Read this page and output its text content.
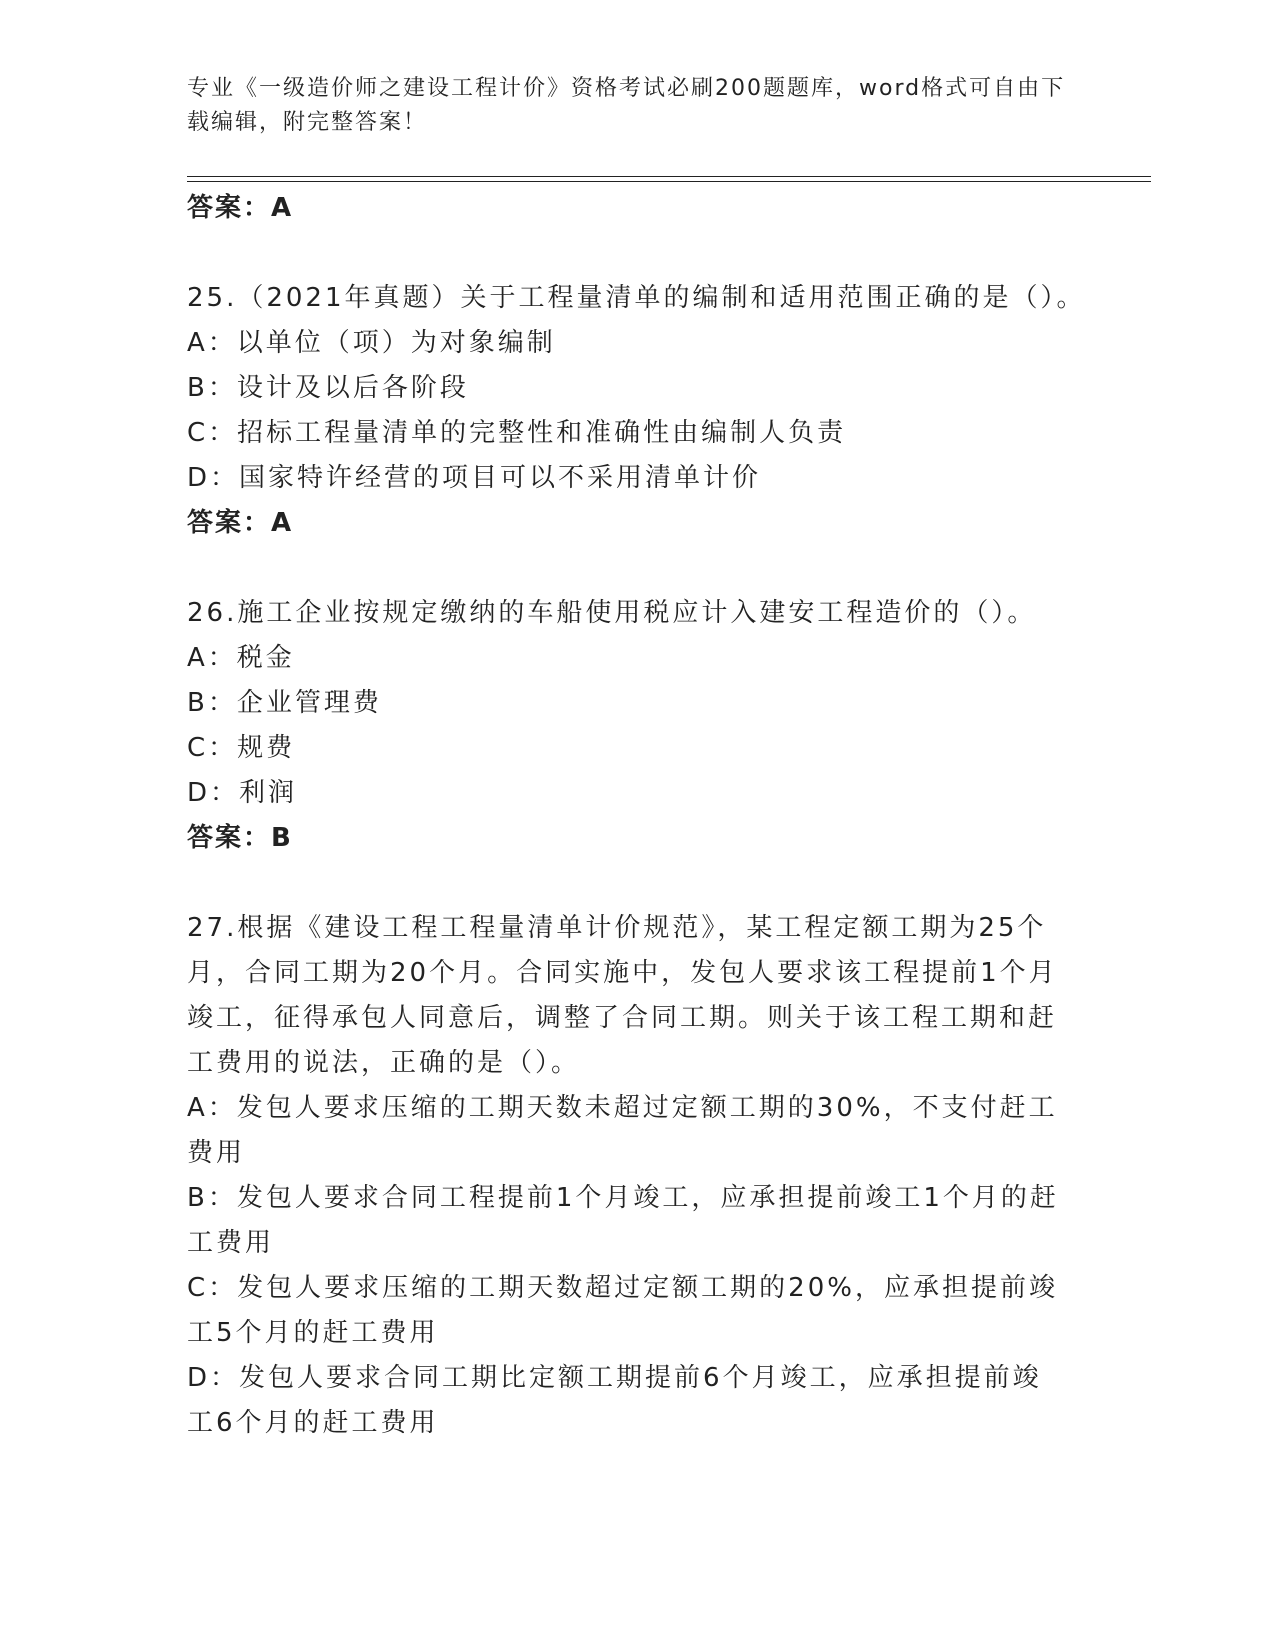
专业《一级造价师之建设工程计价》资格考试必刷200题题库，word格式可自由下载编辑，附完整答案！
答案：A
25.（2021年真题）关于工程量清单的编制和适用范围正确的是（）。
A：以单位（项）为对象编制
B：设计及以后各阶段
C：招标工程量清单的完整性和准确性由编制人负责
D：国家特许经营的项目可以不采用清单计价
答案：A
26.施工企业按规定缴纳的车船使用税应计入建安工程造价的（）。
A：税金
B：企业管理费
C：规费
D：利润
答案：B
27.根据《建设工程工程量清单计价规范》，某工程定额工期为25个月，合同工期为20个月。合同实施中，发包人要求该工程提前1个月竣工，征得承包人同意后，调整了合同工期。则关于该工程工期和赶工费用的说法，正确的是（）。
A：发包人要求压缩的工期天数未超过定额工期的30%，不支付赶工费用
B：发包人要求合同工程提前1个月竣工，应承担提前竣工1个月的赶工费用
C：发包人要求压缩的工期天数超过定额工期的20%，应承担提前竣工5个月的赶工费用
D：发包人要求合同工期比定额工期提前6个月竣工，应承担提前竣工6个月的赶工费用
